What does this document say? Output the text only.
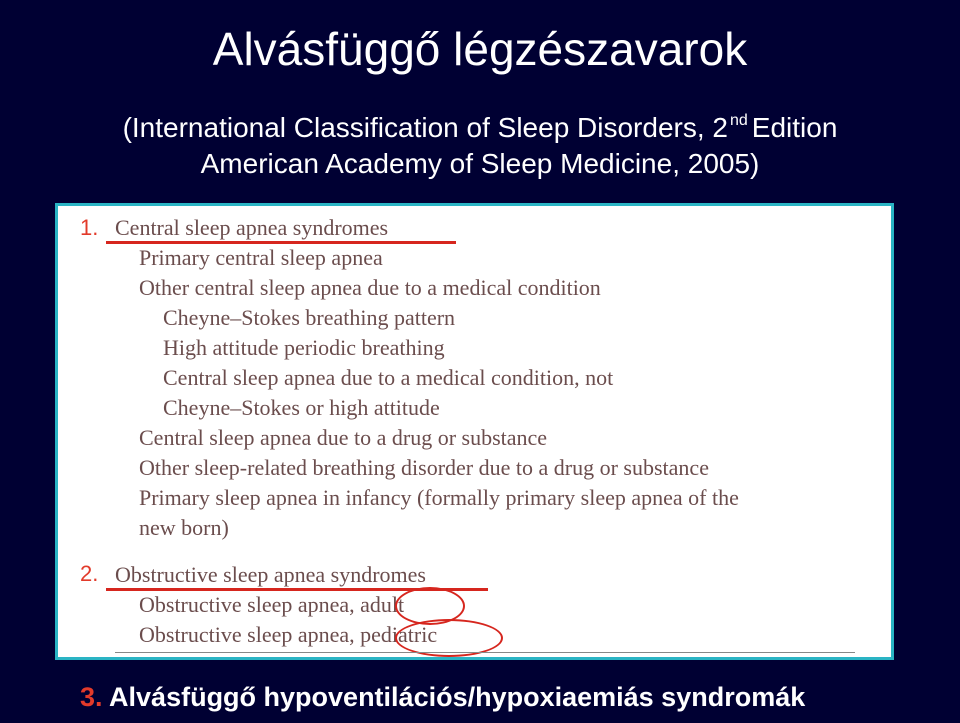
Alvásfüggő légzészavarok
(International Classification of Sleep Disorders, 2 $^{nd}$ Edition
American Academy of Sleep Medicine, 2005)
1. Central sleep apnea syndromes
Primary central sleep apnea
Other central sleep apnea due to a medical condition
Cheyne–Stokes breathing pattern
High attitude periodic breathing
Central sleep apnea due to a medical condition, not
Cheyne–Stokes or high attitude
Central sleep apnea due to a drug or substance
Other sleep-related breathing disorder due to a drug or substance
Primary sleep apnea in infancy (formally primary sleep apnea of the
new born)
2. Obstructive sleep apnea syndromes
Obstructive sleep apnea, adult
Obstructive sleep apnea, pediatric
3. Alvásfüggő hypoventilációs/hypoxiaemiás syndromák
